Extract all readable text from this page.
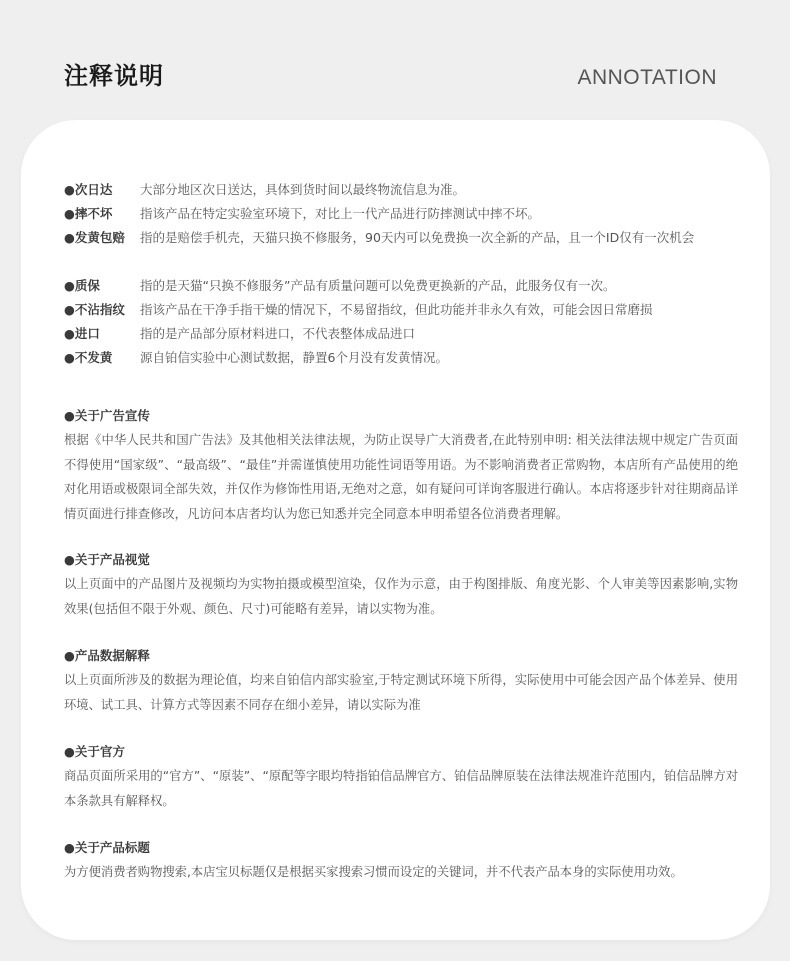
注释说明	ANNOTATION
●次日达	大部分地区次日送达，具体到货时间以最终物流信息为准。
●摔不坏	指该产品在特定实验室环境下，对比上一代产品进行防摔测试中摔不坏。
●发黄包赔	指的是赔偿手机壳，天猫只换不修服务，90天内可以免费换一次全新的产品，且一个ID仅有一次机会
●质保	指的是天猫“只换不修服务”产品有质量问题可以免费更换新的产品，此服务仅有一次。
●不沾指纹	指该产品在干净手指干燥的情况下，不易留指纹，但此功能并非永久有效，可能会因日常磨损
●进口	指的是产品部分原材料进口，不代表整体成品进口
●不发黄	源自铂信实验中心测试数据，静置6个月没有发黄情况。
●关于广告宣传

根据《中华人民共和国广告法》及其他相关法律法规，为防止误导广大消费者,在此特别申明: 相关法律法规中规定广告页面不得使用“国家级”、“最高级”、“最佳”并需谨慎使用功能性词语等用语。为不影响消费者正常购物，本店所有产品使用的绝对化用语或极限词全部失效，并仅作为修饰性用语,无绝对之意，如有疑问可详询客服进行确认。本店将逐步针对往期商品详情页面进行排查修改，凡访问本店者均认为您已知悉并完全同意本申明希望各位消费者理解。

●关于产品视觉

以上页面中的产品图片及视频均为实物拍摄或模型渲染，仅作为示意，由于构图排版、角度光影、个人审美等因素影响,实物效果(包括但不限于外观、颜色、尺寸)可能略有差异，请以实物为准。

●产品数据解释

以上页面所涉及的数据为理论值，均来自铂信内部实验室,于特定测试环境下所得，实际使用中可能会因产品个体差异、使用环境、试工具、计算方式等因素不同存在细小差异，请以实际为准

●关于官方

商品页面所采用的“官方”、“原装”、“原配等字眼均特指铂信品牌官方、铂信品牌原装在法律法规准许范围内，铂信品牌方对本条款具有解释权。

●关于产品标题

为方便消费者购物搜索,本店宝贝标题仅是根据买家搜索习惯而设定的关键词，并不代表产品本身的实际使用功效。
